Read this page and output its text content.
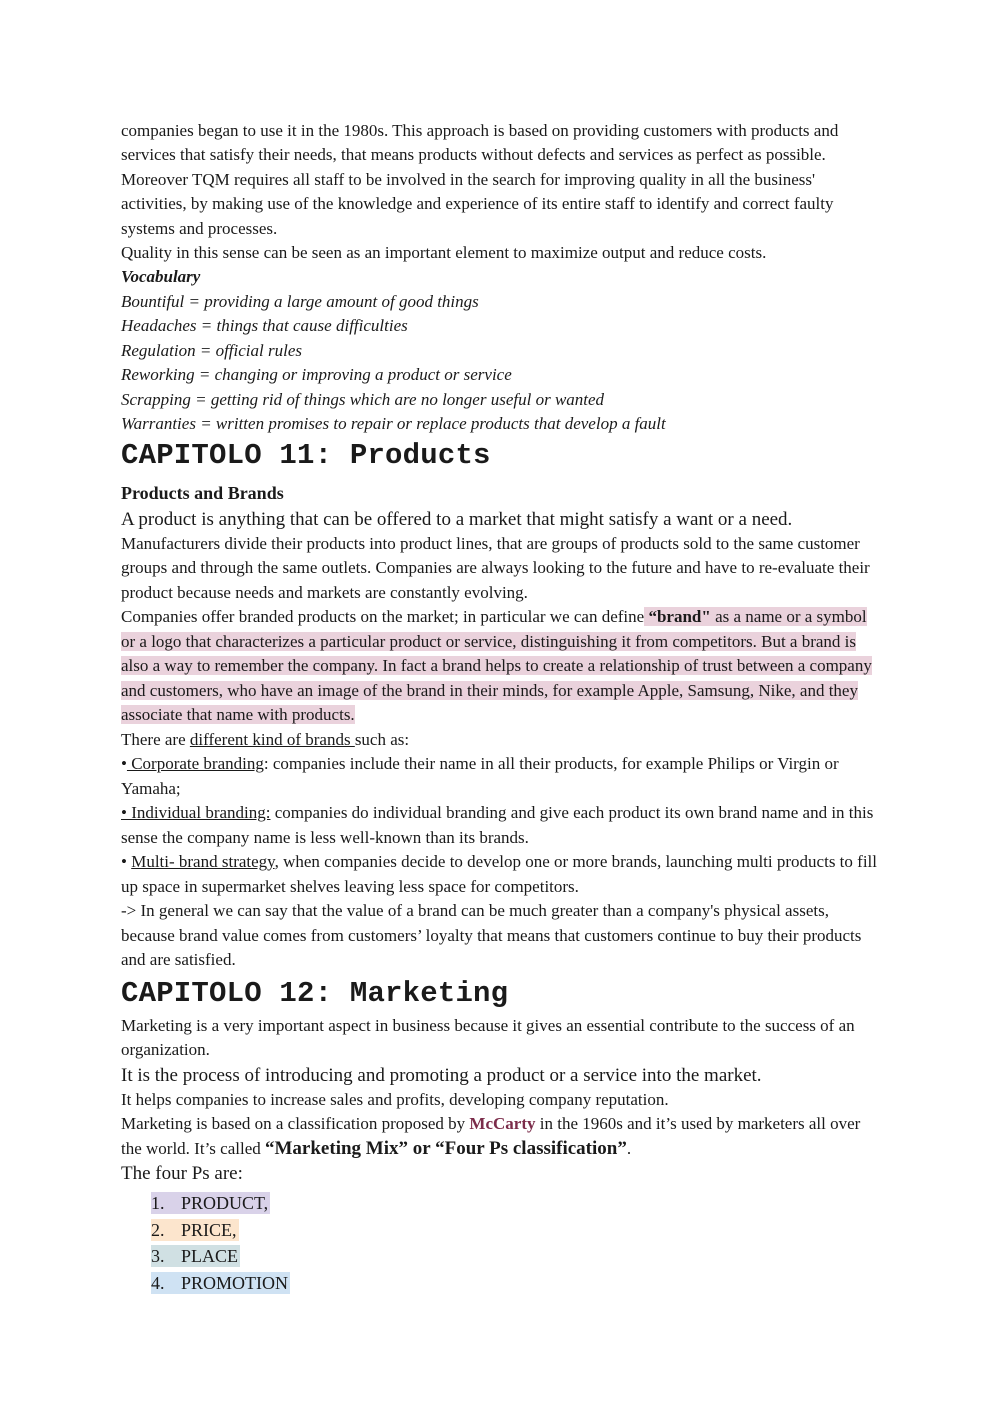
companies began to use it in the 1980s. This approach is based on providing customers with products and services that satisfy their needs, that means products without defects and services as perfect as possible. Moreover TQM requires all staff to be involved in the search for improving quality in all the business' activities, by making use of the knowledge and experience of its entire staff to identify and correct faulty systems and processes.

Quality in this sense can be seen as an important element to maximize output and reduce costs.

Vocabulary

Bountiful = providing a large amount of good things

Headaches = things that cause difficulties

Regulation = official rules

Reworking = changing or improving a product or service

Scrapping = getting rid of things which are no longer useful or wanted

Warranties = written promises to repair or replace products that develop a fault

CAPITOLO 11: Products
Products and Brands

A product is anything that can be offered to a market that might satisfy a want or a need.

Manufacturers divide their products into product lines, that are groups of products sold to the same customer groups and through the same outlets. Companies are always looking to the future and have to re-evaluate their product because needs and markets are constantly evolving.

Companies offer branded products on the market; in particular we can define “brand" as a name or a symbol or a logo that characterizes a particular product or service, distinguishing it from competitors. But a brand is also a way to remember the company. In fact a brand helps to create a relationship of trust between a company and customers, who have an image of the brand in their minds, for example Apple, Samsung, Nike, and they associate that name with products.

There are different kind of brands such as:

• Corporate branding: companies include their name in all their products, for example Philips or Virgin or Yamaha;

• Individual branding: companies do individual branding and give each product its own brand name and in this sense the company name is less well-known than its brands.

• Multi- brand strategy, when companies decide to develop one or more brands, launching multi products to fill up space in supermarket shelves leaving less space for competitors.

-> In general we can say that the value of a brand can be much greater than a company's physical assets, because brand value comes from customers’ loyalty that means that customers continue to buy their products and are satisfied.

CAPITOLO 12: Marketing

Marketing is a very important aspect in business because it gives an essential contribute to the success of an organization.

It is the process of introducing and promoting a product or a service into the market.

It helps companies to increase sales and profits, developing company reputation.

Marketing is based on a classification proposed by McCarty in the 1960s and it’s used by marketers all over the world. It’s called “Marketing Mix” or “Four Ps classification”.

The four Ps are:

1. PRODUCT,
2. PRICE,
3. PLACE
4. PROMOTION
